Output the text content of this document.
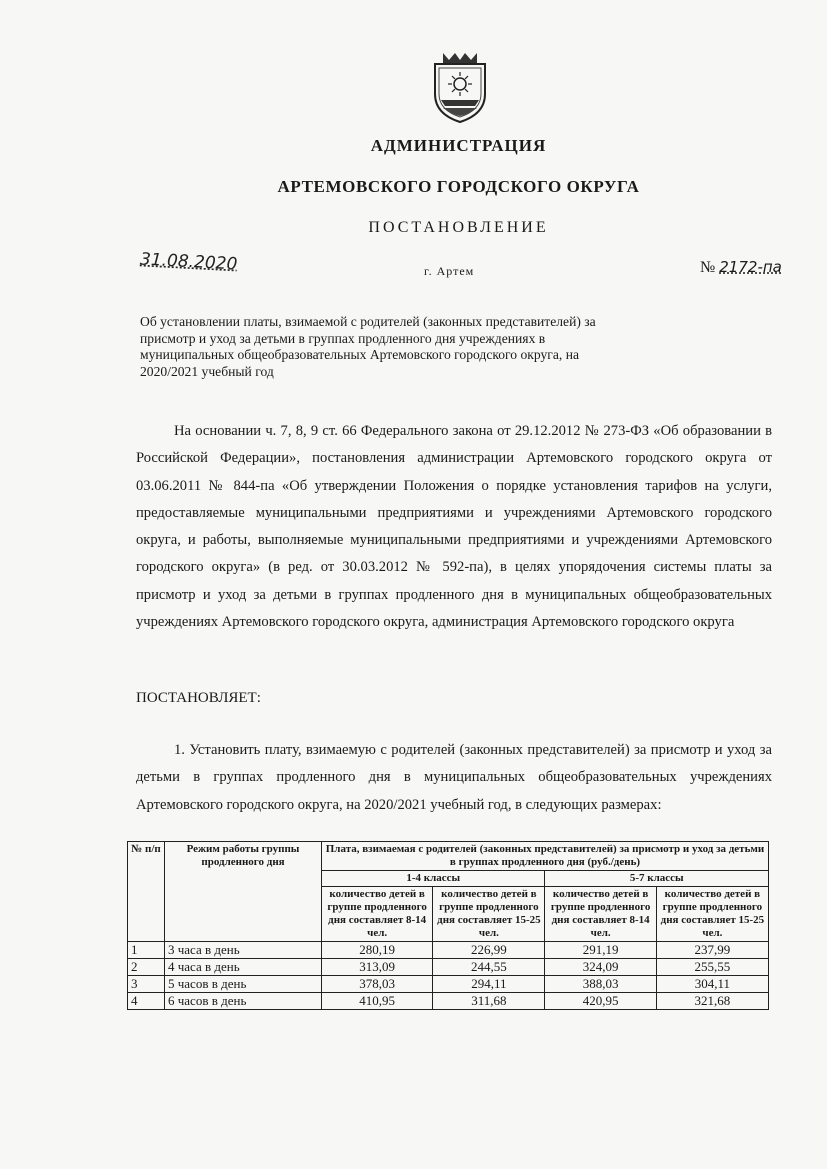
АДМИНИСТРАЦИЯ
АРТЕМОВСКОГО ГОРОДСКОГО ОКРУГА
ПОСТАНОВЛЕНИЕ
31.08.2020	г. Артем	№ 2172-па
Об установлении платы, взимаемой с родителей (законных представителей) за присмотр и уход за детьми в группах продленного дня учреждениях в муниципальных общеобразовательных Артемовского городского округа, на 2020/2021 учебный год
На основании ч. 7, 8, 9 ст. 66 Федерального закона от 29.12.2012 № 273-ФЗ «Об образовании в Российской Федерации», постановления администрации Артемовского городского округа от 03.06.2011 № 844-па «Об утверждении Положения о порядке установления тарифов на услуги, предоставляемые муниципальными предприятиями и учреждениями Артемовского городского округа, и работы, выполняемые муниципальными предприятиями и учреждениями Артемовского городского округа» (в ред. от 30.03.2012 № 592-па), в целях упорядочения системы платы за присмотр и уход за детьми в группах продленного дня в муниципальных общеобразовательных учреждениях Артемовского городского округа, администрация Артемовского городского округа
ПОСТАНОВЛЯЕТ:
1. Установить плату, взимаемую с родителей (законных представителей) за присмотр и уход за детьми в группах продленного дня в муниципальных общеобразовательных учреждениях Артемовского городского округа, на 2020/2021 учебный год, в следующих размерах:
№ п/п	Режим работы группы продленного дня	Плата, взимаемая с родителей (законных представителей) за присмотр и уход за детьми в группах продленного дня (руб./день)			
		1-4 классы		5-7 классы	
		количество детей в группе продленного дня составляет 8-14 чел.	количество детей в группе продленного дня составляет 15-25 чел.	количество детей в группе продленного дня составляет 8-14 чел.	количество детей в группе продленного дня составляет 15-25 чел.
1	3 часа в день	280,19	226,99	291,19	237,99
2	4 часа в день	313,09	244,55	324,09	255,55
3	5 часов в день	378,03	294,11	388,03	304,11
4	6 часов в день	410,95	311,68	420,95	321,68
